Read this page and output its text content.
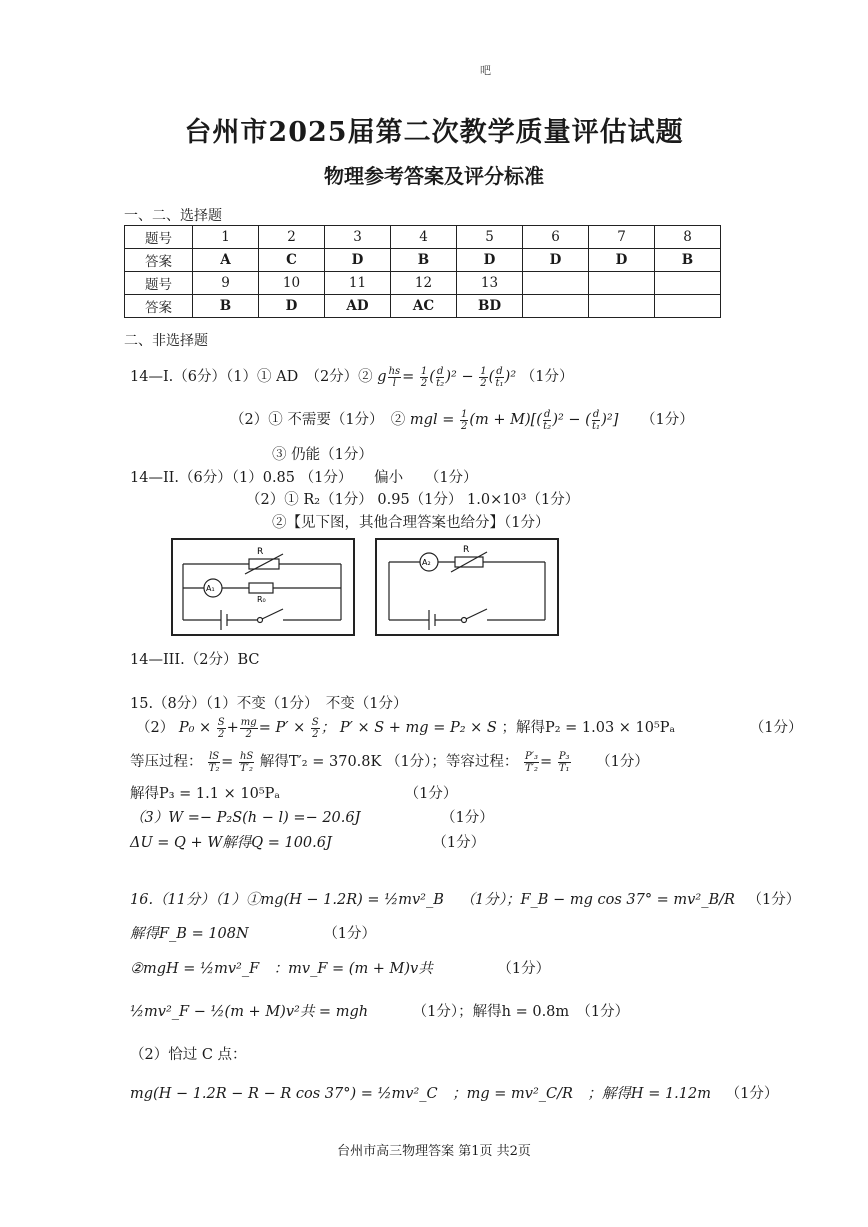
吧
台州市2025届第二次教学质量评估试题
物理参考答案及评分标准
一、二、选择题
题号	1	2	3	4	5	6	7	8
答案	A	C	D	B	D	D	D	B
题号	9	10	11	12	13			
答案	B	D	AD	AC	BD			
二、非选择题
14—I.（6分）（1）① AD　（2分）② g $\frac{hs}{l} = \frac{1}{2}$ ( $\frac{d}{\text{t₂}} )^2 - \frac{1}{2}$ ( $\frac{d}{\text{t₁}} )^2$ （1分）
（2）① 不需要（1分）　② mgl = $\frac{1}{2} (m + M)[( \frac{d}{\text{t₂}} )^2$ − ( $\frac{d}{\text{t₁}} )^2$] （1分）
③ 仍能（1分）
14—II.（6分）（1）0.85 （1分）　　偏小　　（1分）
（2）① R₂（1分） 0.95（1分） 1.0×10³（1分）
②【见下图，其他合理答案也给分】（1分）
R
A₁
R₀
A₂
R
14—III.（2分）BC
15.（8分）（1）不变（1分）　不变（1分）
（2） $P_0 \times \frac{S}{2} + \frac{mg}{2} = P' \times \frac{S}{2}$ ； P′ × S + mg = P₂ × S ；解得P₂ = 1.03 × 10⁵Pₐ	（1分）
等压过程： $\frac{lS}{\text{T₂}} = \frac{hS}{\text{T′₂}}$ 解得T′₂ = 370.8K （1分）；等容过程： $\frac{\text{P′₃}}{\text{T′₂}} = \frac{\text{P₃}}{\text{T₁}} (1$分）
解得P₃ = 1.1 × 10⁵Pₐ	（1分）
（3）W =− P₂S(h − l) =− 20.6J	（1分）
ΔU = Q + W解得Q = 100.6J	（1分）
16.（11分）（1）①mg(H − 1.2R) = ½mv²_B （1分）；F_B − mg cos 37° = mv²_B/R （1分）
解得F_B = 108N	（1分）
②mgH = ½mv²_F　：mv_F = (m + M)v共	（1分）
½mv²_F − ½(m + M)v²共 = mgh	（1分）；解得h = 0.8m　（1分）
（2）恰过 C 点：
mg(H − 1.2R − R − R cos 37°) = ½mv²_C　；mg = mv²_C/R　；解得H = 1.12m （1分）
台州市高三物理答案 第1页 共2页
